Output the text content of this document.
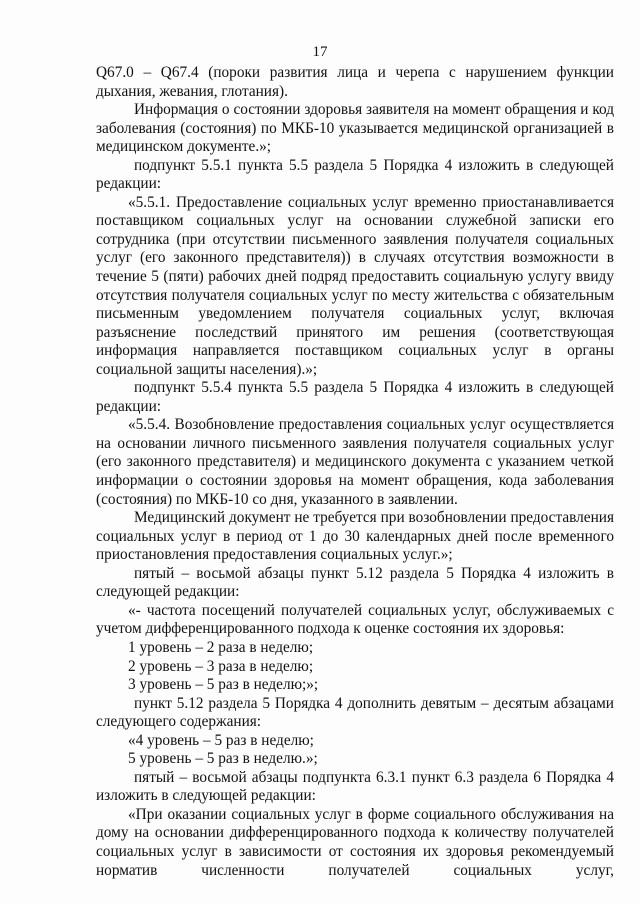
17

Q67.0 – Q67.4 (пороки развития лица и черепа с нарушением функции дыхания, жевания, глотания).

Информация о состоянии здоровья заявителя на момент обращения и код заболевания (состояния) по МКБ-10 указывается медицинской организацией в медицинском документе.»;

подпункт 5.5.1 пункта 5.5 раздела 5 Порядка 4 изложить в следующей редакции:

«5.5.1. Предоставление социальных услуг временно приостанавливается поставщиком социальных услуг на основании служебной записки его сотрудника (при отсутствии письменного заявления получателя социальных услуг (его законного представителя)) в случаях отсутствия возможности в течение 5 (пяти) рабочих дней подряд предоставить социальную услугу ввиду отсутствия получателя социальных услуг по месту жительства с обязательным письменным уведомлением получателя социальных услуг, включая разъяснение последствий принятого им решения (соответствующая информация направляется поставщиком социальных услуг в органы социальной защиты населения).»;

подпункт 5.5.4 пункта 5.5 раздела 5 Порядка 4 изложить в следующей редакции:

«5.5.4. Возобновление предоставления социальных услуг осуществляется на основании личного письменного заявления получателя социальных услуг (его законного представителя) и медицинского документа с указанием четкой информации о состоянии здоровья на момент обращения, кода заболевания (состояния) по МКБ-10 со дня, указанного в заявлении.

Медицинский документ не требуется при возобновлении предоставления социальных услуг в период от 1 до 30 календарных дней после временного приостановления предоставления социальных услуг.»;

пятый – восьмой абзацы пункт 5.12 раздела 5 Порядка 4 изложить в следующей редакции:

«- частота посещений получателей социальных услуг, обслуживаемых с учетом дифференцированного подхода к оценке состояния их здоровья:

1 уровень – 2 раза в неделю;

2 уровень – 3 раза в неделю;

3 уровень – 5 раз в неделю;»;

пункт 5.12 раздела 5 Порядка 4 дополнить девятым – десятым абзацами следующего содержания:

«4 уровень – 5 раз в неделю;

5 уровень – 5 раз в неделю.»;

пятый – восьмой абзацы подпункта 6.3.1 пункт 6.3 раздела 6 Порядка 4 изложить в следующей редакции:

«При оказании социальных услуг в форме социального обслуживания на дому на основании дифференцированного подхода к количеству получателей социальных услуг в зависимости от состояния их здоровья рекомендуемый норматив численности получателей социальных услуг,
